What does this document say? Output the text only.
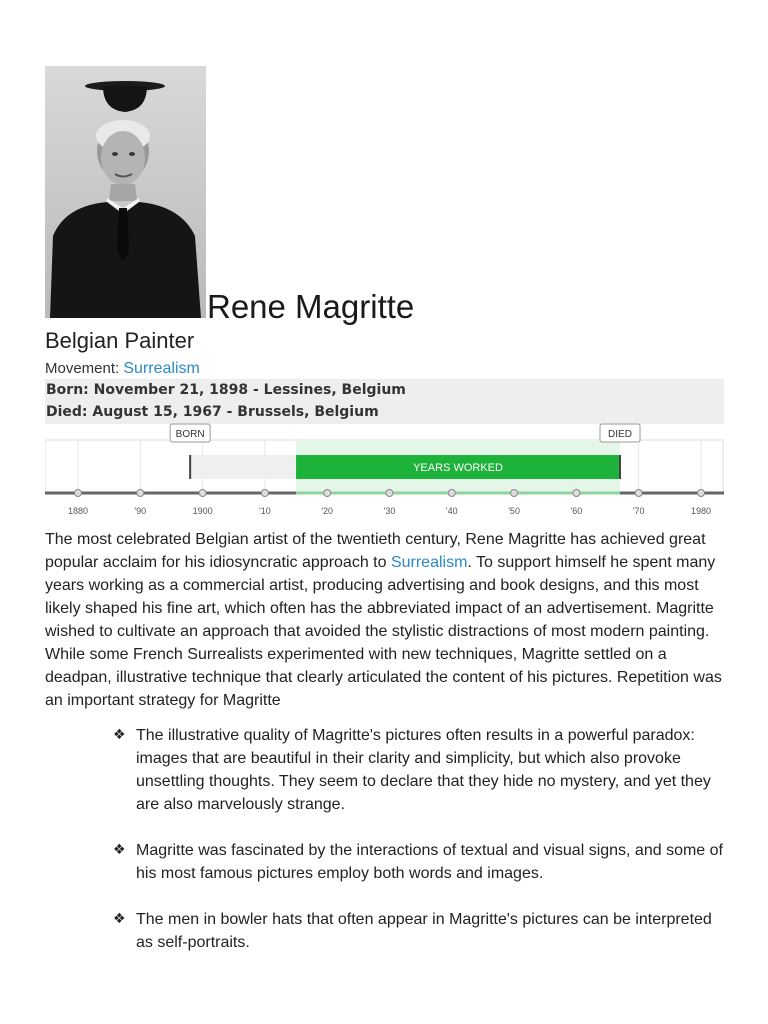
Rene Magritte
Belgian Painter
Movement: Surrealism
Born: November 21, 1898 - Lessines, Belgium
Died: August 15, 1967 - Brussels, Belgium
YEARS WORKED
1880	'90	1900	'10	'20	'30	'40	'50	'60	'70	1980
BORN	DIED
The most celebrated Belgian artist of the twentieth century, Rene Magritte has achieved great popular acclaim for his idiosyncratic approach to Surrealism. To support himself he spent many years working as a commercial artist, producing advertising and book designs, and this most likely shaped his fine art, which often has the abbreviated impact of an advertisement. Magritte wished to cultivate an approach that avoided the stylistic distractions of most modern painting. While some French Surrealists experimented with new techniques, Magritte settled on a deadpan, illustrative technique that clearly articulated the content of his pictures. Repetition was an important strategy for Magritte
❖ The illustrative quality of Magritte's pictures often results in a powerful paradox: images that are beautiful in their clarity and simplicity, but which also provoke unsettling thoughts. They seem to declare that they hide no mystery, and yet they are also marvelously strange.
❖ Magritte was fascinated by the interactions of textual and visual signs, and some of his most famous pictures employ both words and images.
❖ The men in bowler hats that often appear in Magritte's pictures can be interpreted as self-portraits.
